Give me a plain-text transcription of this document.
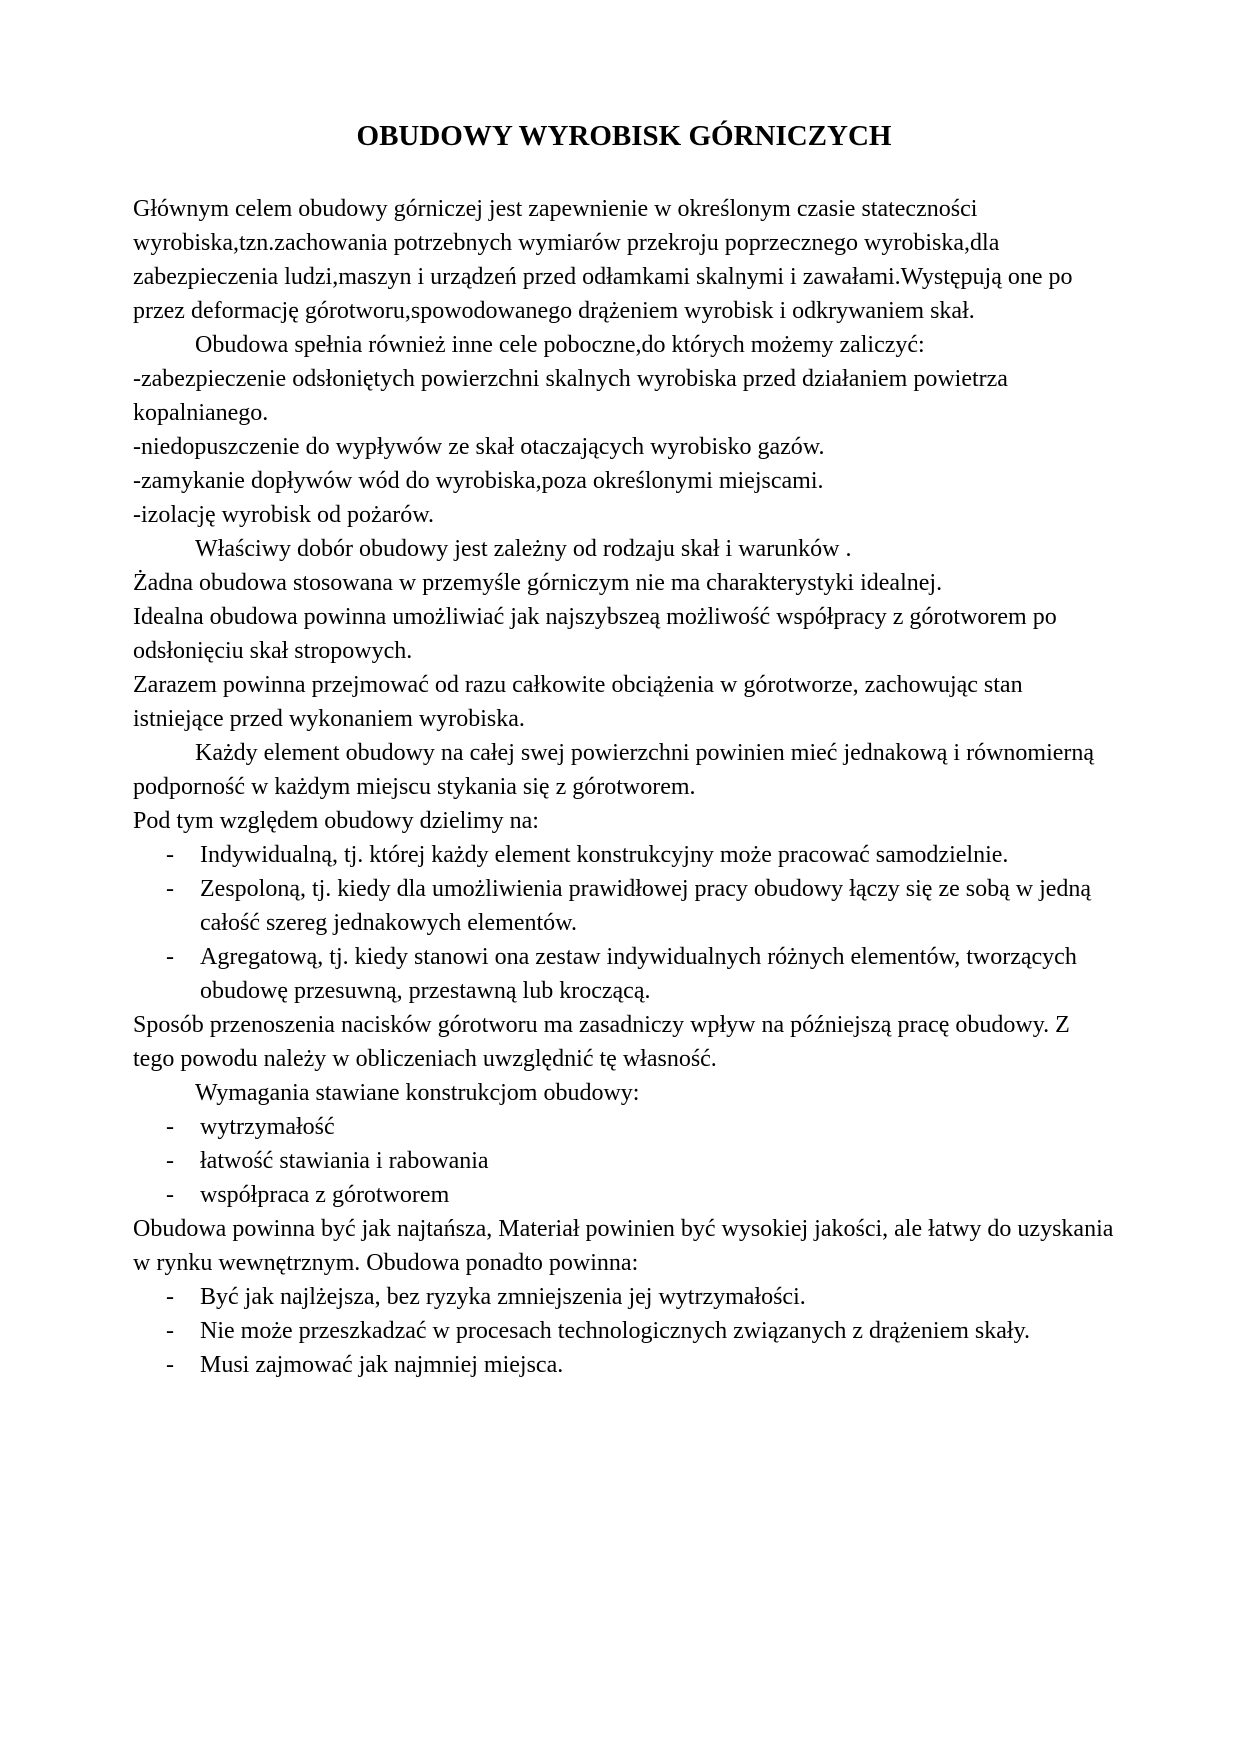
OBUDOWY WYROBISK GÓRNICZYCH

Głównym celem obudowy górniczej jest zapewnienie w określonym czasie stateczności wyrobiska,tzn.zachowania potrzebnych wymiarów przekroju poprzecznego wyrobiska,dla zabezpieczenia ludzi,maszyn i urządzeń przed odłamkami skalnymi i zawałami.Występują one po przez deformację górotworu,spowodowanego drążeniem wyrobisk i odkrywaniem skał.

Obudowa spełnia również inne cele poboczne,do których możemy zaliczyć:

-zabezpieczenie odsłoniętych powierzchni skalnych wyrobiska przed działaniem powietrza kopalnianego.

-niedopuszczenie do wypływów ze skał otaczających wyrobisko gazów.

-zamykanie dopływów wód do wyrobiska,poza określonymi miejscami.

-izolację wyrobisk od pożarów.

Właściwy dobór obudowy jest zależny od rodzaju skał i warunków .

Żadna obudowa stosowana w przemyśle górniczym nie ma charakterystyki idealnej.

Idealna obudowa powinna umożliwiać jak najszybszeą możliwość współpracy z górotworem po odsłonięciu skał stropowych.

Zarazem powinna przejmować od razu całkowite obciążenia w górotworze, zachowując stan istniejące przed wykonaniem wyrobiska.

Każdy element obudowy na całej swej powierzchni powinien mieć jednakową i równomierną podporność w każdym miejscu stykania się z górotworem.

Pod tym względem obudowy dzielimy na:

-	Indywidualną, tj. której każdy element konstrukcyjny może pracować samodzielnie.
-	Zespoloną, tj. kiedy dla umożliwienia prawidłowej pracy obudowy łączy się ze sobą w jedną całość szereg jednakowych elementów.
-	Agregatową, tj. kiedy stanowi ona zestaw indywidualnych różnych elementów, tworzących obudowę przesuwną, przestawną lub kroczącą.

Sposób przenoszenia nacisków górotworu ma zasadniczy wpływ na późniejszą pracę obudowy. Z tego powodu należy w obliczeniach uwzględnić tę własność.

Wymagania stawiane konstrukcjom obudowy:

-	wytrzymałość
-	łatwość stawiania i rabowania
-	współpraca z górotworem

Obudowa powinna być jak najtańsza, Materiał powinien być wysokiej jakości, ale łatwy do uzyskania w rynku wewnętrznym. Obudowa ponadto powinna:

-	Być jak najlżejsza, bez ryzyka zmniejszenia jej wytrzymałości.
-	Nie może przeszkadzać w procesach technologicznych związanych z drążeniem skały.
-	Musi zajmować jak najmniej miejsca.
